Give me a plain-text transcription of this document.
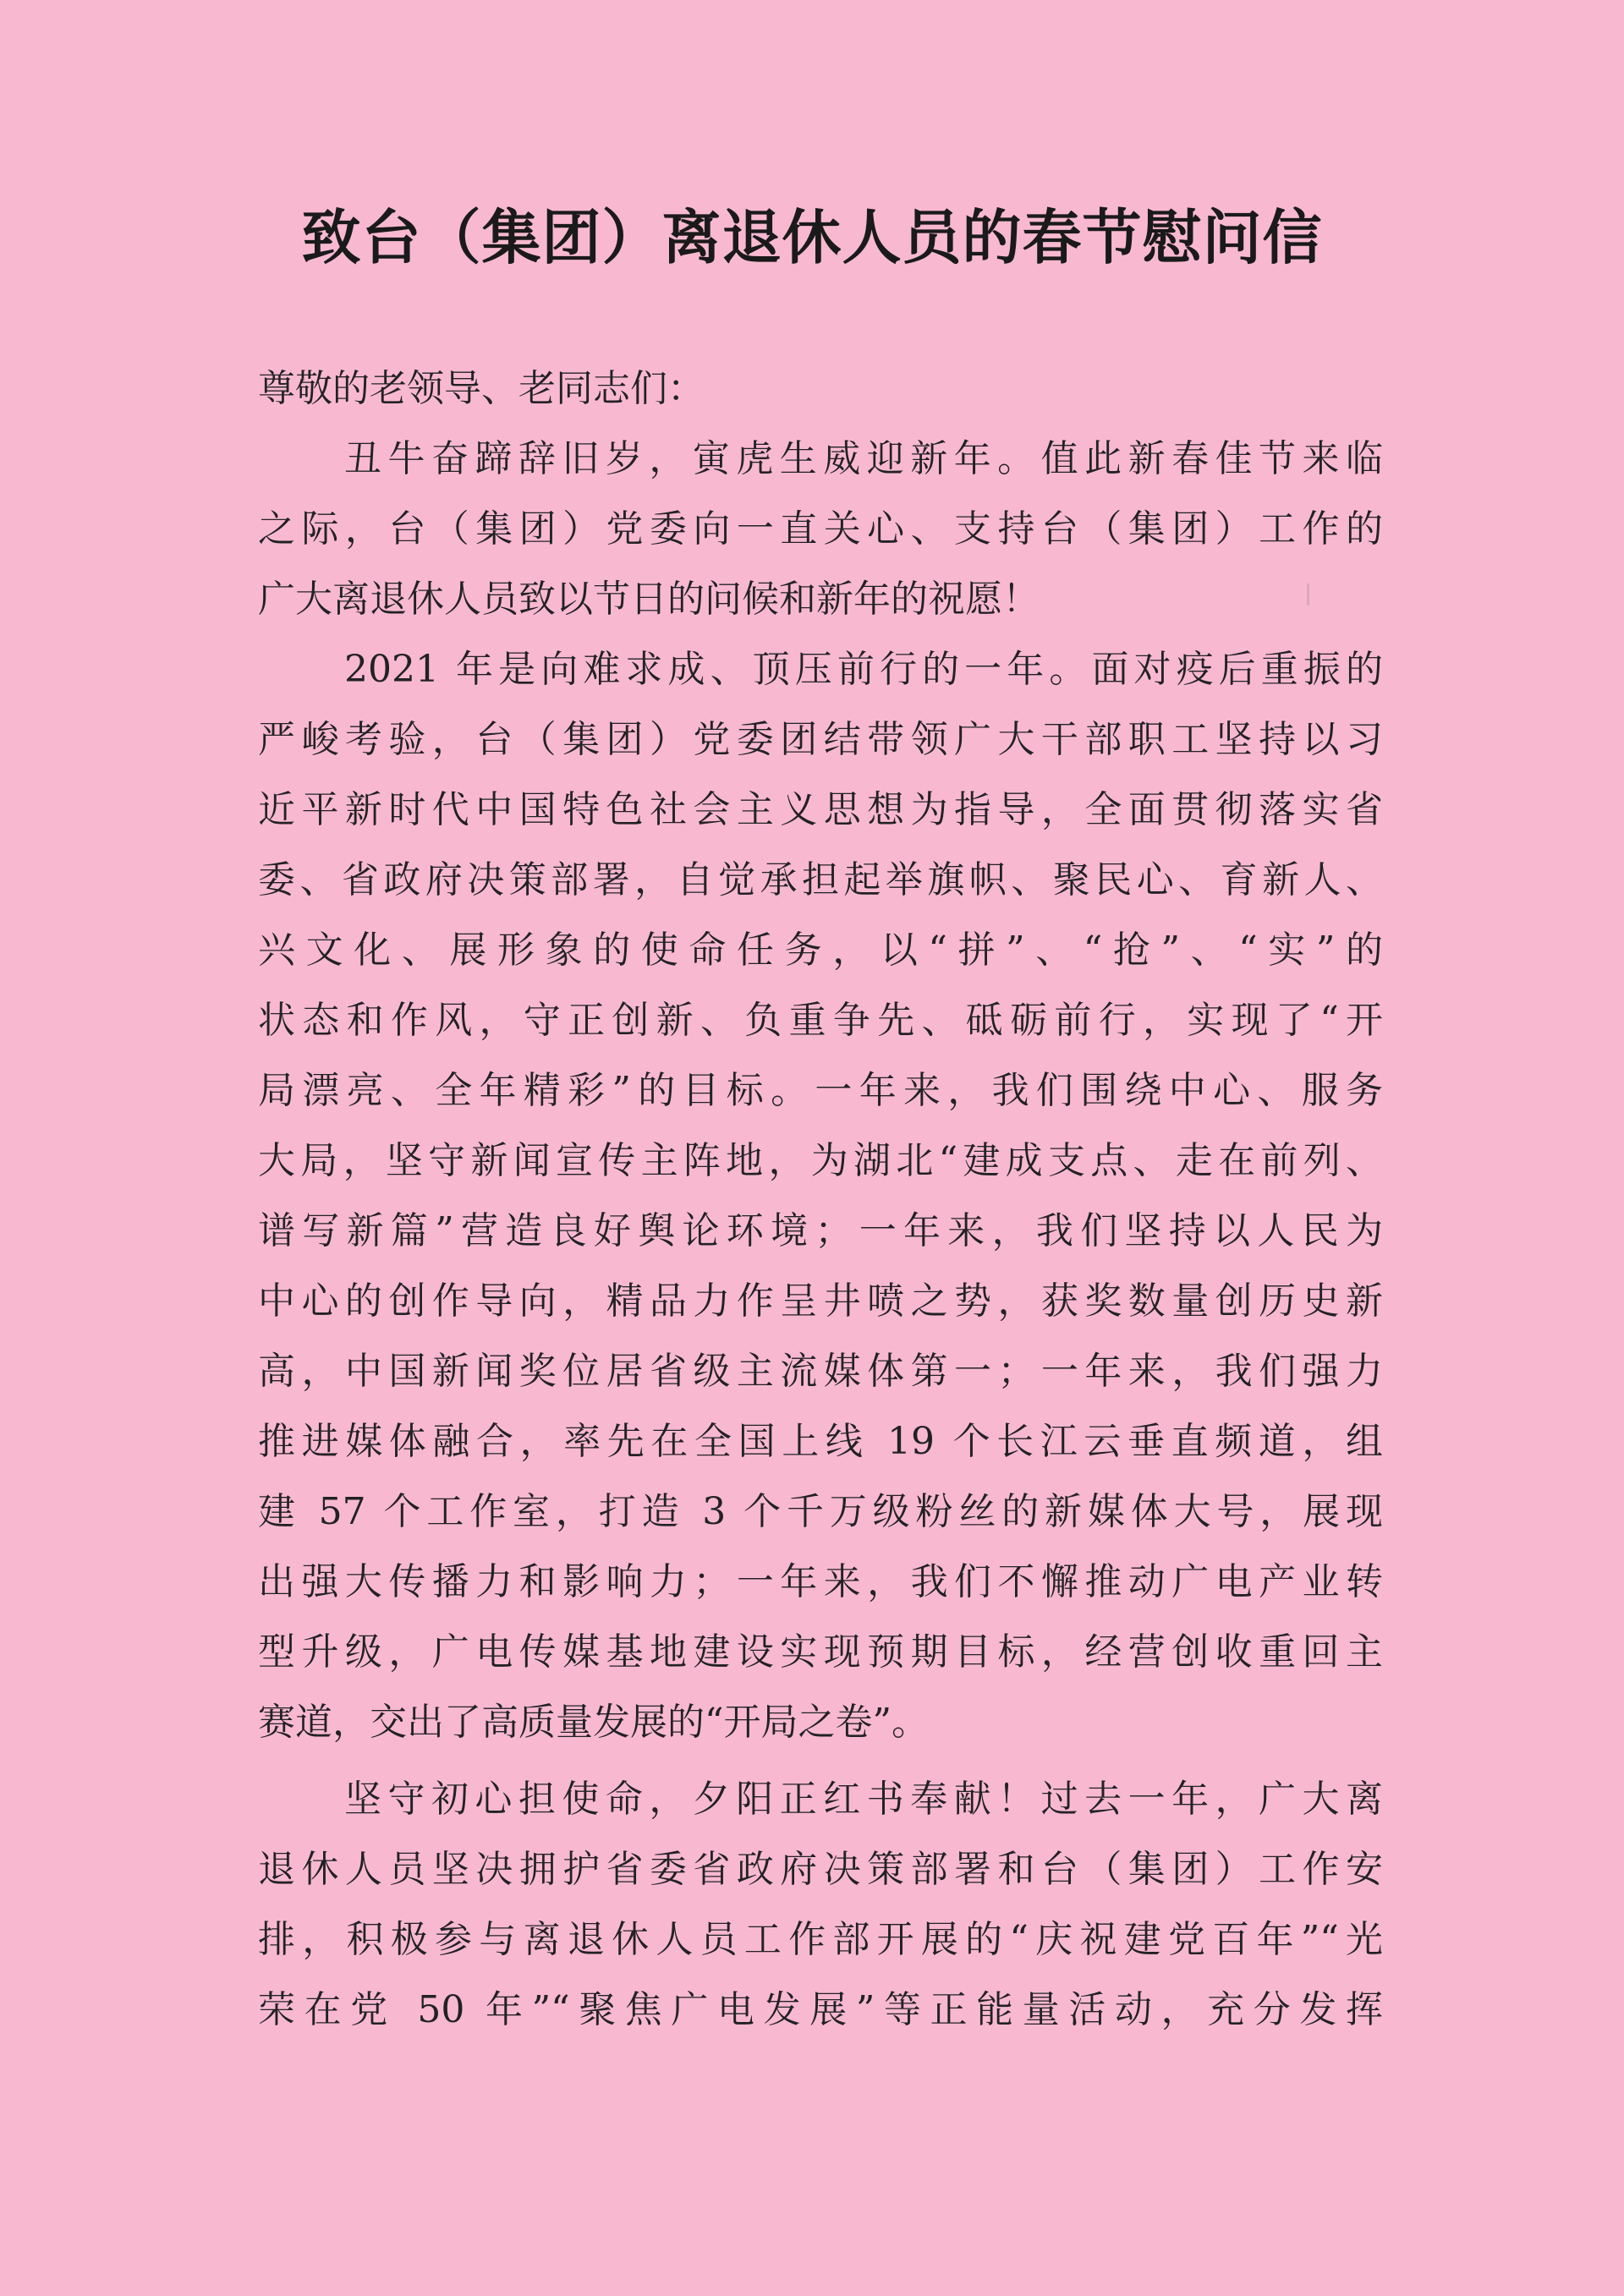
致台（集团）离退休人员的春节慰问信
尊敬的老领导、老同志们：
丑牛奋蹄辞旧岁，寅虎生威迎新年。值此新春佳节来临
之际，台（集团）党委向一直关心、支持台（集团）工作的
广大离退休人员致以节日的问候和新年的祝愿！
2021 年是向难求成、顶压前行的一年。面对疫后重振的
严峻考验，台（集团）党委团结带领广大干部职工坚持以习
近平新时代中国特色社会主义思想为指导，全面贯彻落实省
委、省政府决策部署，自觉承担起举旗帜、聚民心、育新人、
兴文化、展形象的使命任务，以“拼”、“抢”、“实”的
状态和作风，守正创新、负重争先、砥砺前行，实现了“开
局漂亮、全年精彩”的目标。一年来，我们围绕中心、服务
大局，坚守新闻宣传主阵地，为湖北“建成支点、走在前列、
谱写新篇”营造良好舆论环境；一年来，我们坚持以人民为
中心的创作导向，精品力作呈井喷之势，获奖数量创历史新
高，中国新闻奖位居省级主流媒体第一；一年来，我们强力
推进媒体融合，率先在全国上线 19 个长江云垂直频道，组
建 57 个工作室，打造 3 个千万级粉丝的新媒体大号，展现
出强大传播力和影响力；一年来，我们不懈推动广电产业转
型升级，广电传媒基地建设实现预期目标，经营创收重回主
赛道，交出了高质量发展的“开局之卷”。
坚守初心担使命，夕阳正红书奉献！过去一年，广大离
退休人员坚决拥护省委省政府决策部署和台（集团）工作安
排，积极参与离退休人员工作部开展的“庆祝建党百年”“光
荣在党 50 年”“聚焦广电发展”等正能量活动，充分发挥
